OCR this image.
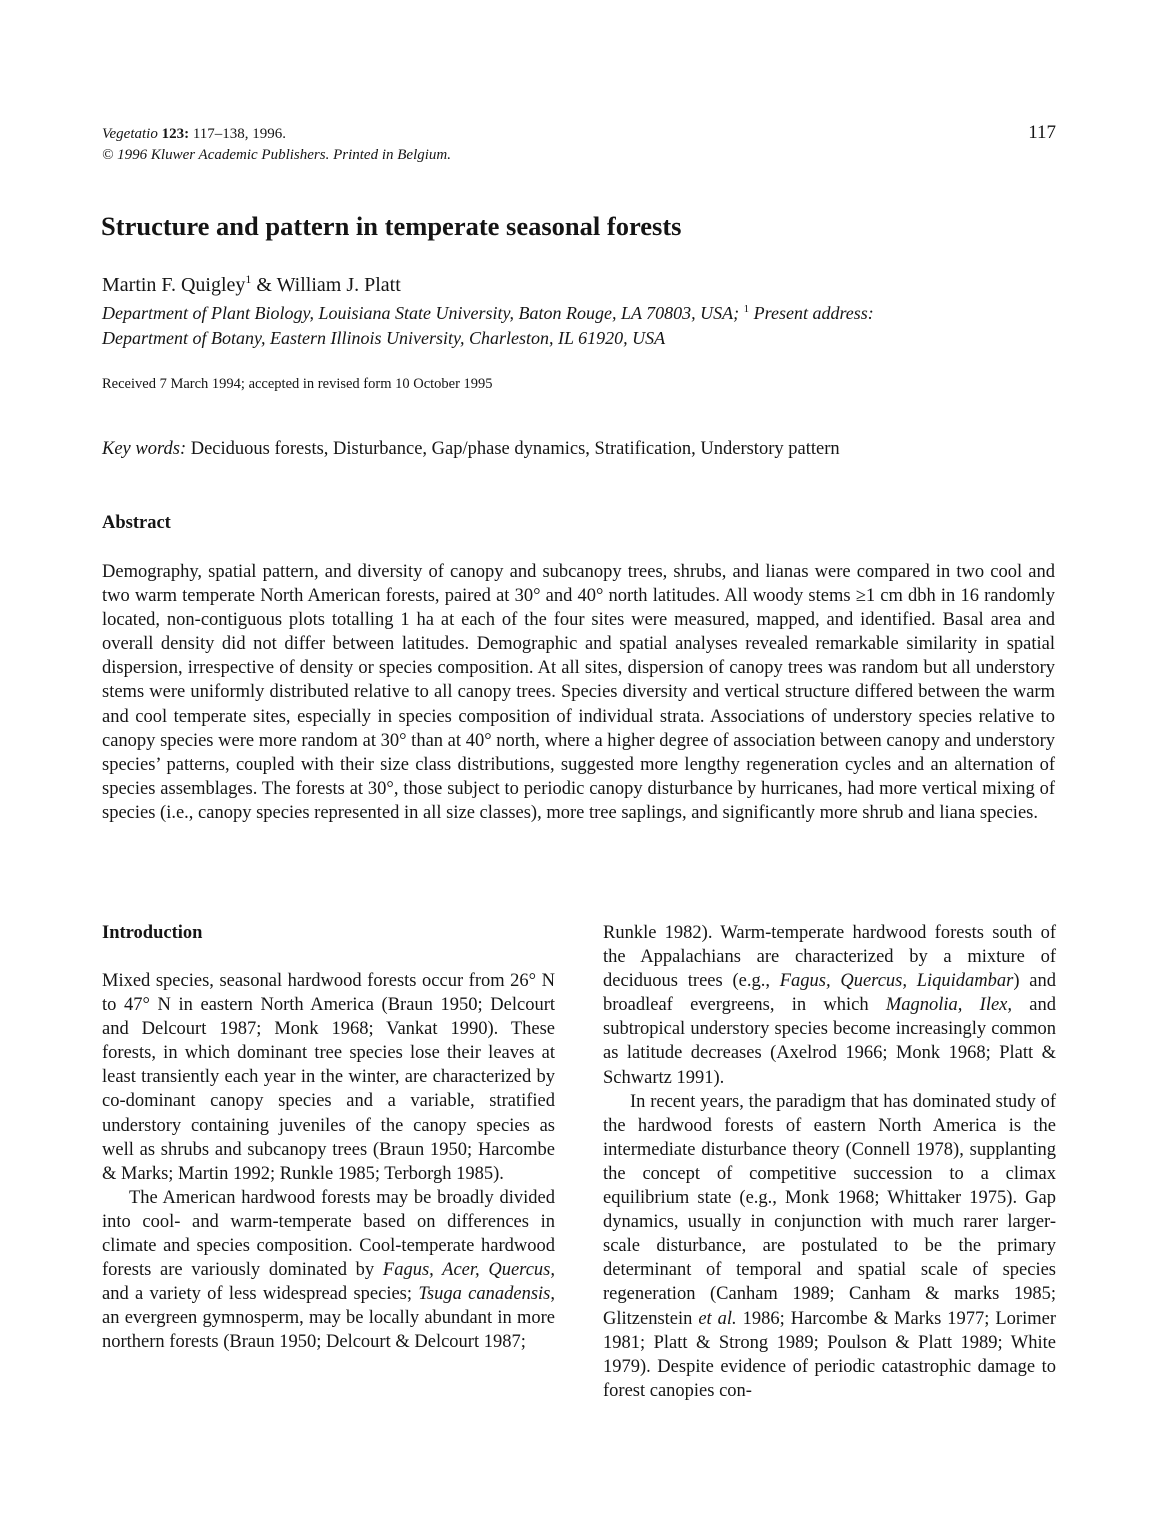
Vegetatio 123: 117–138, 1996.
© 1996 Kluwer Academic Publishers. Printed in Belgium.
117
Structure and pattern in temperate seasonal forests
Martin F. Quigley$^1$ & William J. Platt
Department of Plant Biology, Louisiana State University, Baton Rouge, LA 70803, USA; $^1$ Present address:
Department of Botany, Eastern Illinois University, Charleston, IL 61920, USA
Received 7 March 1994; accepted in revised form 10 October 1995
Key words: Deciduous forests, Disturbance, Gap/phase dynamics, Stratification, Understory pattern
Abstract

Demography, spatial pattern, and diversity of canopy and subcanopy trees, shrubs, and lianas were compared in two cool and two warm temperate North American forests, paired at 30° and 40° north latitudes. All woody stems ≥1 cm dbh in 16 randomly located, non-contiguous plots totalling 1 ha at each of the four sites were measured, mapped, and identified. Basal area and overall density did not differ between latitudes. Demographic and spatial analyses revealed remarkable similarity in spatial dispersion, irrespective of density or species composition. At all sites, dispersion of canopy trees was random but all understory stems were uniformly distributed relative to all canopy trees. Species diversity and vertical structure differed between the warm and cool temperate sites, especially in species composition of individual strata. Associations of understory species relative to canopy species were more random at 30° than at 40° north, where a higher degree of association between canopy and understory species’ patterns, coupled with their size class distributions, suggested more lengthy regeneration cycles and an alternation of species assemblages. The forests at 30°, those subject to periodic canopy disturbance by hurricanes, had more vertical mixing of species (i.e., canopy species represented in all size classes), more tree saplings, and significantly more shrub and liana species.

Introduction

Mixed species, seasonal hardwood forests occur from 26° N to 47° N in eastern North America (Braun 1950; Delcourt and Delcourt 1987; Monk 1968; Vankat 1990). These forests, in which dominant tree species lose their leaves at least transiently each year in the winter, are characterized by co-dominant canopy species and a variable, stratified understory containing juveniles of the canopy species as well as shrubs and subcanopy trees (Braun 1950; Harcombe & Marks; Martin 1992; Runkle 1985; Terborgh 1985).

The American hardwood forests may be broadly divided into cool- and warm-temperate based on differences in climate and species composition. Cool-temperate hardwood forests are variously dominated by Fagus, Acer, Quercus, and a variety of less widespread species; Tsuga canadensis, an evergreen gymnosperm, may be locally abundant in more northern forests (Braun 1950; Delcourt & Delcourt 1987;

Runkle 1982). Warm-temperate hardwood forests south of the Appalachians are characterized by a mixture of deciduous trees (e.g., Fagus, Quercus, Liquidambar) and broadleaf evergreens, in which Magnolia, Ilex, and subtropical understory species become increasingly common as latitude decreases (Axelrod 1966; Monk 1968; Platt & Schwartz 1991).

In recent years, the paradigm that has dominated study of the hardwood forests of eastern North America is the intermediate disturbance theory (Connell 1978), supplanting the concept of competitive succession to a climax equilibrium state (e.g., Monk 1968; Whittaker 1975). Gap dynamics, usually in conjunction with much rarer larger-scale disturbance, are postulated to be the primary determinant of temporal and spatial scale of species regeneration (Canham 1989; Canham & marks 1985; Glitzenstein et al. 1986; Harcombe & Marks 1977; Lorimer 1981; Platt & Strong 1989; Poulson & Platt 1989; White 1979). Despite evidence of periodic catastrophic damage to forest canopies con-
